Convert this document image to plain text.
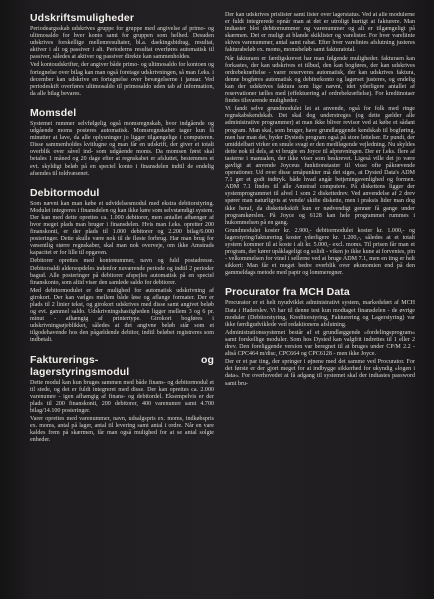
Udskriftsmuligheder

Periodeargsskab udskrives gruppe for gruppe med angivelse af primo- og ultimosaldo for hver konto samt for gruppen som helhed. Desuden udskrives forskellige mellemresultater, bl.a. daekingsbidrag, resultat, aktiver i alt og passiver i alt. Perioderns resultat overføres automatisk til passiver, således at aktiver og passiver direkte kan sammenholdes.

Ved kontoudskrifter, der angiver både primo- og ultimosaldo for kontoen og fortegnelse over bilag kan man også foretage udskrivningen, så man f.eks. i december kan udskrive en fortegnelse over bevægelserne i januar. Ved periodeskift overføres ultimosaldo til primosaldo uden tab af information, da alle bilag bevares.

Momsdel

Systemet rummer selvfølgelig også momsregnskab, hvor indgående og udgående moms posteres automatisk. Momsregnskabet tager kun få minutter at lave, da alle oplysninger jo ligger tilgængelige i computeren. Disse sammenholdes kvitlugne og man får en udskrift, der giver et totalt overblik over såvel ind- som udgående moms. Da momsen først skal betales 1 måned og 20 dage efter at regnskabet er afsluttet, bestemmes et evt. skyldigt beløb på en speciel konto i finansdelen indtil de endelig afsendes til toldvæsenet.

Debitormodul

Som nævnt kan man købe et udvidelsesmodul med ekstra debitorstyring. Modulet integreres i finansdelen og kan ikke køre som selvstændigt system. Der kan med dette oprettes ca. 1.000 debitorer, men antallet afhænger af hvor meget plads man bruger i finansdelen. Hvis man f.eks. opretter 200 finanskonti, er der plads til 1.000 debitorer og 2.200 bilag/6.000 posteringer. Dette skulle være nok til de fleste forbrug. Har man brug for væsentlig større regnskaber, skal man nok overveje, om ikke Amstrads kapacitet er for lille til opgaven.

Debitorer oprettes med kontonummer, navn og fuld postadresse. Debitorsaldi aldersopdeles indenfor nuværende periode og indtil 2 perioder bagud. Alle posteringer på debitorer afspejles automatisk på en speciel finanskonto, som altid viser den samlede saldo for debitorer.

Med debitormodulet er der mulighed for automatisk udskrivning af girokort. Der kan vælges mellem både løse og aflange formater. Der er plads til 2 linier tekst, og girokort udskrives med disse samt angivet beløb og evt. gammel saldo. Udskrivningshastigheden ligger mellem 3 og 6 pr. minut - afhængig af printertype. Girokort bogføres i udskrivningsøjeblikket, således at det angivne beløb står som et tilgodehavende hos den pågældende debitor, indtil beløbet registreres som indbetalt.

Fakturerings- og lagerstyringsmodul

Dette modul kan kun bruges sammen med både finans- og debitormodul et til stede, og det er fuldt integreret med disse. Der kan oprettes ca. 2.000 varenumre - igen afhængig af finans- og debitordel. Eksempelvis er der plads til 200 finanskonti, 200 debitorer, 400 varenumre samt 4.700 bilag/14.100 posteringer.

Varer oprettes med varenummer, navn, udsalgspris ex. moms, indkøbspris ex. moms, antal på lager, antal til levering samt antal i ordre. Når en vare kaldes frem på skærmen, får man også mulighed for at se antal solgte enheder.

Der kan udskrives prislister samt lister over lagerstatus. Ved at alle modulerne er fuldt integrerede opnår man at det er utroligt hurtigt at fakturere. Man indtaster blot debitornummer og varenummer og alt er tilgængeligt på skærmen. Det er muligt at blande skiklister og varelister. For hver vareliinie skives varenummer, antal samt rabat. Efter hver varelinies afslutning justeres fakturabeløb ex. moms, momsbeløb samt fakturatotal.

Når fakturaen er færdigskrevet har man følgende muligheder. fakturaen kan forkastes, der kan udskrives et tilbud, den kan bogføres, der kan udskrives ordrebekræftelse - varer reserveres automatisk, der kan udskrives faktura, denne bogføres automatisk og debitorkonto og lagerset justeres, og endelig kan der udskrives faktura som lige nævnt, idet yderligere antallet af reservationer tælles med (effektuering af ordrebekræftelse). For kreditnotaer findes tilsvarende muligheder.

Vi fandt selve grundmodulet let at anvende, også for folk med ringe regnskabskendskab. Det skal dog understreges (og dette gælder alle administrative programmer) at man ikke bliver revisor ved at købe et sådant program. Man skal, som bruger, have grundlæggende kendskab til bogføring, men har man det, byder Dysteds program også på store lettelser. Er pundt, der umiddelbart virker en smule svagt er den mediløgende vejledning. Nu skyldes dette nok til dels, at vi brugte en Joyce til afprøvningen. Der er f.eks. flere af tasterne i manualen, der ikke viser som beskrevet. Ligeså ville det jo være gavligt at anvende Joyceus funktionstaster til visse ofte påkrævende operationer. Ud over disse småpunkter må det siges, at Dysted Data's ADM 7.1 ger et godt indtryk. både hvad angår betjeningsvenlighed og formen. ADM 7.1 findes til alle Amstrad computere. På diskettens ligger der systemprogrammet til alvel 1 som 2 diskettedrev. Ved anvendelse af 2 drev spører man naturligvis at vende/ skifte diskette, men i praksis lider man dog ikke heraf, da diskettekskift kun er nødvendigt gennør få gange under programkørslen. På Joyce og 6128 kan hele programmet rummes i hukommelsen på en gang.

Grundmodulet koster kr. 2.900,- debitormodulet koster kr. 1.000,- og lagerstyring/fakturering koster yderligere kr. 1.200,-, således at et totalt system kommer til at koste i alt kr. 5.000,- excl. moms. Til prisen får man et program, der kører upåklageligt og solidt - viken jo ikke kune at forventes, pin - velkommelsen for vinel i sellerne ved at bruge ADM 7.1, men en ting er helt sikkert: Man får et meget bedre overblik over økonomien end på den gammeldags metode med papir og lommeregner.

Procurator fra MCH Data

Procurator er et helt nyudviklet administrativt system, markedsført af MCH Data i Haderslev. Vi har til denne test kun modtaget finansdelen - de øvrige moduler (Debitorstyring, Kreditorstyring, Fakturering og Lagerstyring) var ikke færdigudviklede ved redaktionens afslutning.

Administrationssystemet består af et grundlæggende »fordelingsprogram« samt forskellige moduler. Som hos Dysted kan valgfrit indrettes til 1 eller 2 drev. Den foreliggende version var beregnet til at bruges under CP/M 2.2 - altså CPC464 m/disc, CPC664 og CPC6128 - men ikke Joyce.

Der er et par ting, der springer i øjnene med det samme ved Procurator. For det første er der gjort meget for at indbygge sikkerhed for ukyndig »logen i data«. For overhovedet at få adgang til systemet skal der indtastes password samt bru-
